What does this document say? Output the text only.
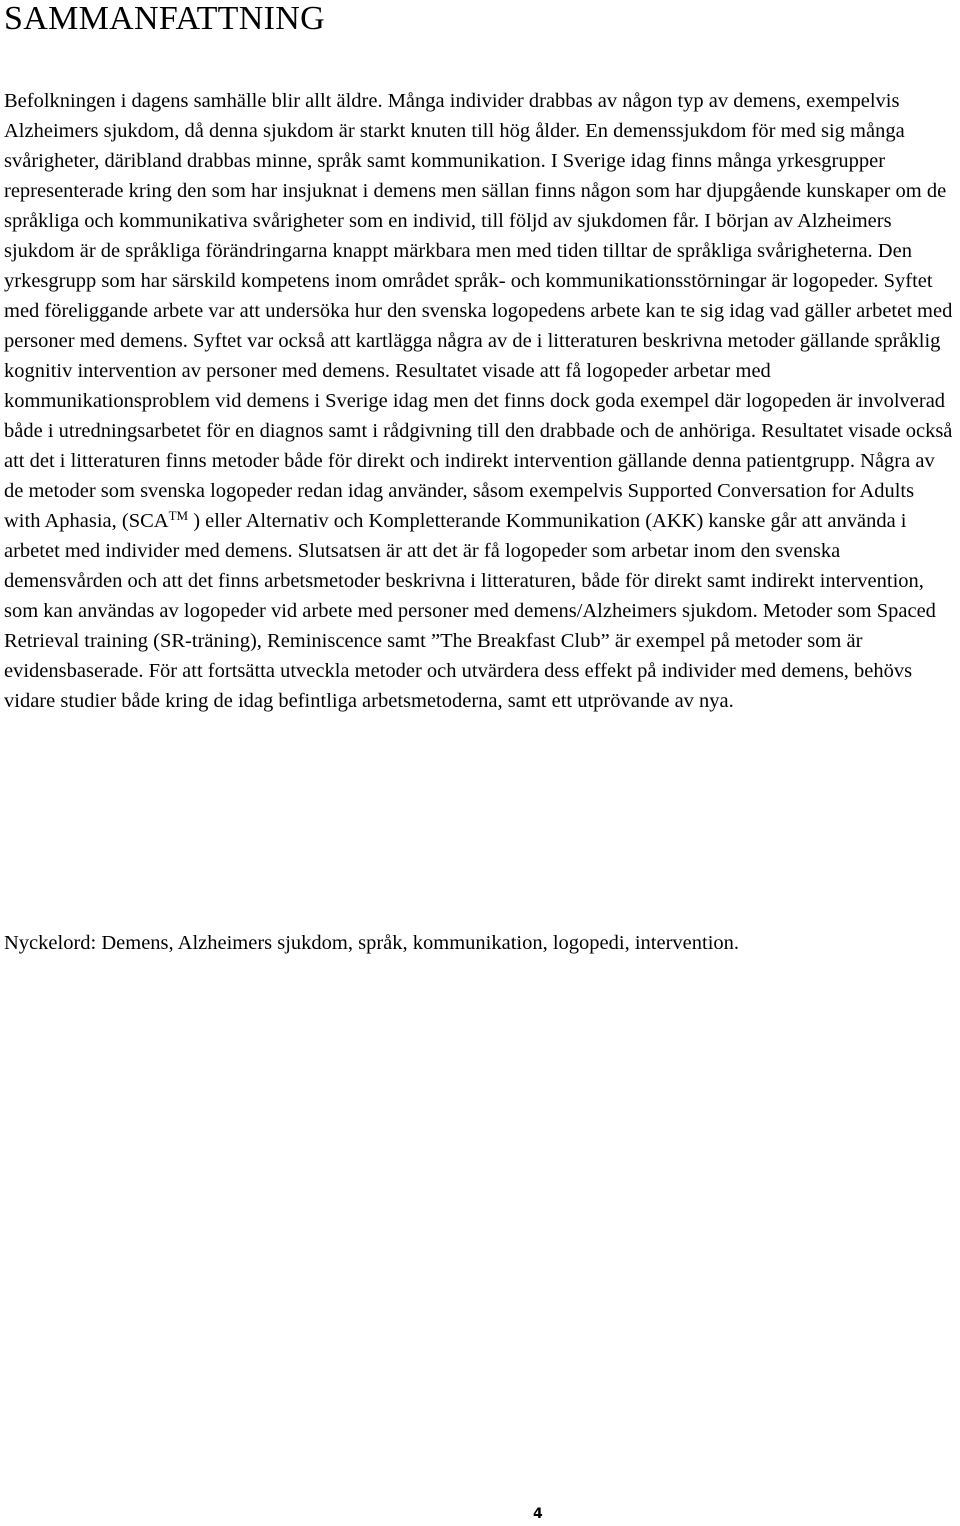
SAMMANFATTNING

Befolkningen i dagens samhälle blir allt äldre. Många individer drabbas av någon typ av demens, exempelvis Alzheimers sjukdom, då denna sjukdom är starkt knuten till hög ålder. En demenssjukdom för med sig många svårigheter, däribland drabbas minne, språk samt kommunikation. I Sverige idag finns många yrkesgrupper representerade kring den som har insjuknat i demens men sällan finns någon som har djupgående kunskaper om de språkliga och kommunikativa svårigheter som en individ, till följd av sjukdomen får. I början av Alzheimers sjukdom är de språkliga förändringarna knappt märkbara men med tiden tilltar de språkliga svårigheterna. Den yrkesgrupp som har särskild kompetens inom området språk- och kommunikationsstörningar är logopeder. Syftet med föreliggande arbete var att undersöka hur den svenska logopedens arbete kan te sig idag vad gäller arbetet med personer med demens. Syftet var också att kartlägga några av de i litteraturen beskrivna metoder gällande språklig kognitiv intervention av personer med demens. Resultatet visade att få logopeder arbetar med kommunikationsproblem vid demens i Sverige idag men det finns dock goda exempel där logopeden är involverad både i utredningsarbetet för en diagnos samt i rådgivning till den drabbade och de anhöriga. Resultatet visade också att det i litteraturen finns metoder både för direkt och indirekt intervention gällande denna patientgrupp. Några av de metoder som svenska logopeder redan idag använder, såsom exempelvis Supported Conversation for Adults with Aphasia, (SCA™ ) eller Alternativ och Kompletterande Kommunikation (AKK) kanske går att använda i arbetet med individer med demens. Slutsatsen är att det är få logopeder som arbetar inom den svenska demensvården och att det finns arbetsmetoder beskrivna i litteraturen, både för direkt samt indirekt intervention, som kan användas av logopeder vid arbete med personer med demens/Alzheimers sjukdom. Metoder som Spaced Retrieval training (SR-träning), Reminiscence samt ”The Breakfast Club” är exempel på metoder som är evidensbaserade. För att fortsätta utveckla metoder och utvärdera dess effekt på individer med demens, behövs vidare studier både kring de idag befintliga arbetsmetoderna, samt ett utprövande av nya.

Nyckelord: Demens, Alzheimers sjukdom, språk, kommunikation, logopedi, intervention.

4
